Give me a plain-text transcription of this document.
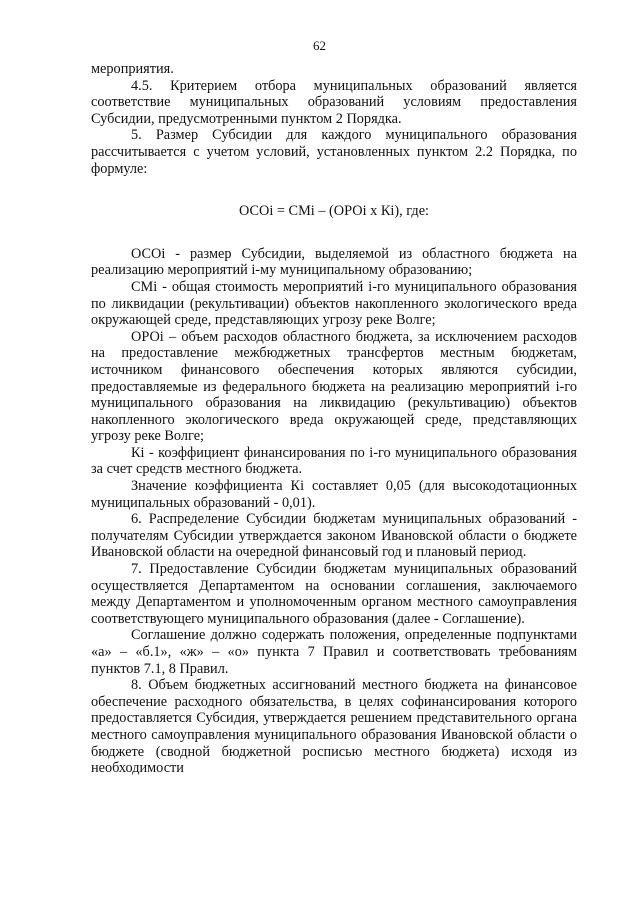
62

мероприятия.

4.5. Критерием отбора муниципальных образований является соответствие муниципальных образований условиям предоставления Субсидии, предусмотренными пунктом 2 Порядка.

5. Размер Субсидии для каждого муниципального образования рассчитывается с учетом условий, установленных пунктом 2.2 Порядка, по формуле:

ОСОi = СМi – (ОРОi х Кi), где:

ОСОi - размер Субсидии, выделяемой из областного бюджета на реализацию мероприятий i-му муниципальному образованию;

СМi - общая стоимость мероприятий i-го муниципального образования по ликвидации (рекультивации) объектов накопленного экологического вреда окружающей среде, представляющих угрозу реке Волге;

ОРОi – объем расходов областного бюджета, за исключением расходов на предоставление межбюджетных трансфертов местным бюджетам, источником финансового обеспечения которых являются субсидии, предоставляемые из федерального бюджета на реализацию мероприятий i-го муниципального образования на ликвидацию (рекультивацию) объектов накопленного экологического вреда окружающей среде, представляющих угрозу реке Волге;

Кi - коэффициент финансирования по i-го муниципального образования за счет средств местного бюджета.

Значение коэффициента Кi составляет 0,05 (для высокодотационных муниципальных образований - 0,01).

6. Распределение Субсидии бюджетам муниципальных образований - получателям Субсидии утверждается законом Ивановской области о бюджете Ивановской области на очередной финансовый год и плановый период.

7. Предоставление Субсидии бюджетам муниципальных образований осуществляется Департаментом на основании соглашения, заключаемого между Департаментом и уполномоченным органом местного самоуправления соответствующего муниципального образования (далее - Соглашение).

Соглашение должно содержать положения, определенные подпунктами «а» – «б.1», «ж» – «о» пункта 7 Правил и соответствовать требованиям пунктов 7.1, 8 Правил.

8. Объем бюджетных ассигнований местного бюджета на финансовое обеспечение расходного обязательства, в целях софинансирования которого предоставляется Субсидия, утверждается решением представительного органа местного самоуправления муниципального образования Ивановской области о бюджете (сводной бюджетной росписью местного бюджета) исходя из необходимости
